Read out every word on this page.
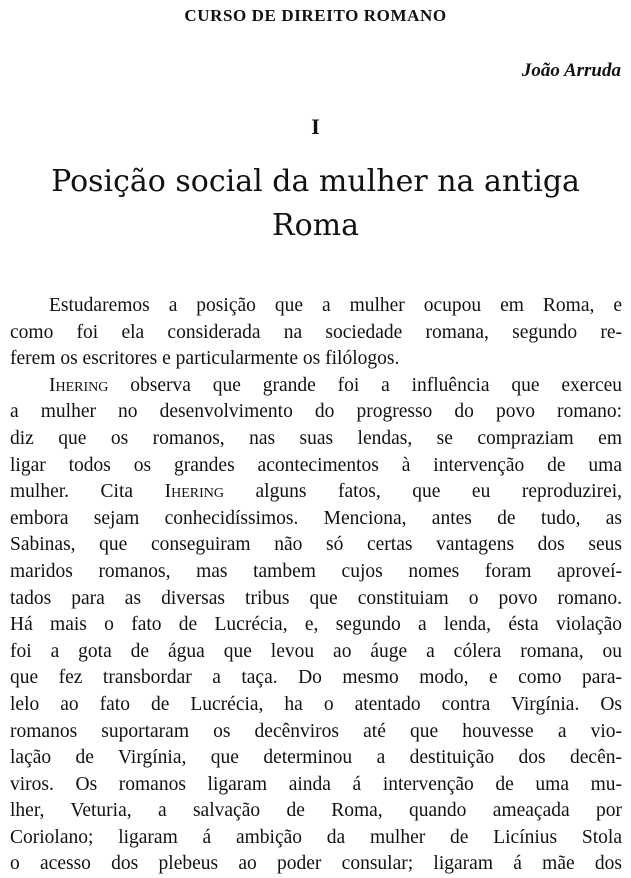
CURSO DE DIREITO ROMANO
João Arruda
I
Posição social da mulher na antiga
Roma
Estudaremos a posição que a mulher ocupou em Roma, e
como foi ela considerada na sociedade romana, segundo re-
ferem os escritores e particularmente os filólogos.
Ihering observa que grande foi a influência que exerceu
a mulher no desenvolvimento do progresso do povo romano:
diz que os romanos, nas suas lendas, se compraziam em
ligar todos os grandes acontecimentos à intervenção de uma
mulher. Cita Ihering alguns fatos, que eu reproduzirei,
embora sejam conhecidíssimos. Menciona, antes de tudo, as
Sabinas, que conseguiram não só certas vantagens dos seus
maridos romanos, mas tambem cujos nomes foram aproveí-
tados para as diversas tribus que constituiam o povo romano.
Há mais o fato de Lucrécia, e, segundo a lenda, ésta violação
foi a gota de água que levou ao áuge a cólera romana, ou
que fez transbordar a taça. Do mesmo modo, e como para-
lelo ao fato de Lucrécia, ha o atentado contra Virgínia. Os
romanos suportaram os decênviros até que houvesse a vio-
lação de Virgínia, que determinou a destituição dos decên-
viros. Os romanos ligaram ainda á intervenção de uma mu-
lher, Veturia, a salvação de Roma, quando ameaçada por
Coriolano; ligaram á ambição da mulher de Licínius Stola
o acesso dos plebeus ao poder consular; ligaram á mãe dos
